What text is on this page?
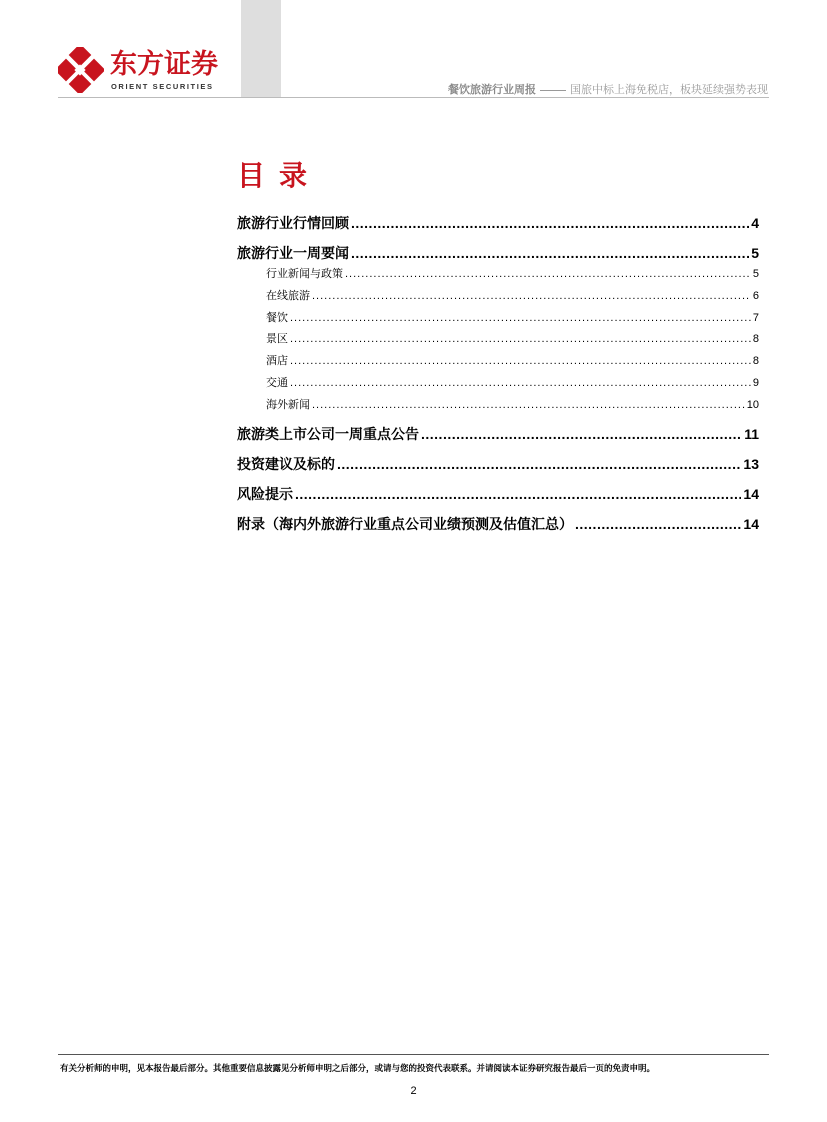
东方证券
ORIENT SECURITIES	餐饮旅游行业周报	国旅中标上海免税店，板块延续强势表现
目录
旅游行业行情回顾 .....	4
旅游行业一周要闻 .....	5
行业新闻与政策 .....	5
在线旅游 .....	6
餐饮 .....	7
景区 .....	8
酒店 .....	8
交通 .....	9
海外新闻 .....	10
旅游类上市公司一周重点公告 .....	11
投资建议及标的 .....	13
风险提示 .....	14
附录（海内外旅游行业重点公司业绩预测及估值汇总） .....	14
有关分析师的申明，见本报告最后部分。其他重要信息披露见分析师申明之后部分，或请与您的投资代表联系。并请阅读本证券研究报告最后一页的免责申明。
2
